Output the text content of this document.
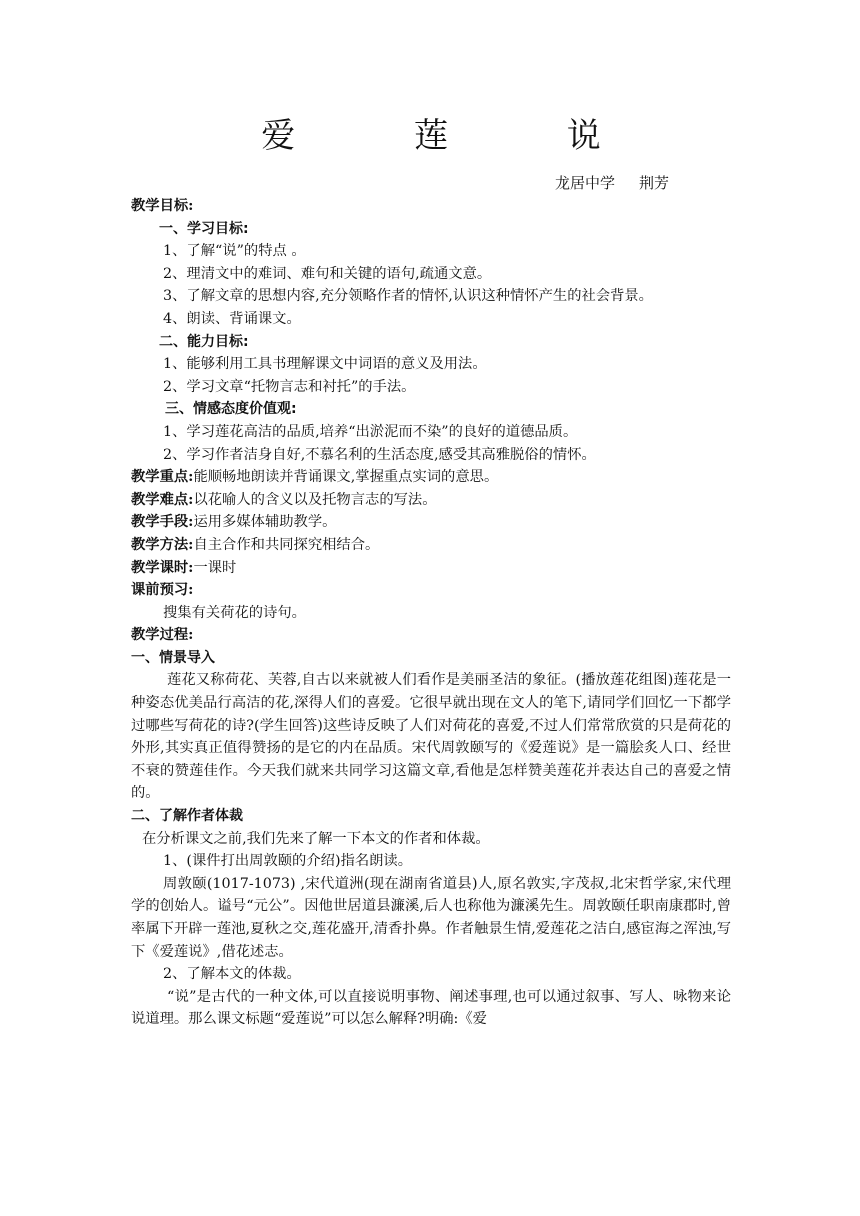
爱 莲 说
龙居中学 荆芳

教学目标:

一、学习目标:

1、了解“说”的特点 。

2、理清文中的难词、难句和关键的语句,疏通文意。

3、了解文章的思想内容,充分领略作者的情怀,认识这种情怀产生的社会背景。

4、朗读、背诵课文。

二、能力目标:

1、能够利用工具书理解课文中词语的意义及用法。

2、学习文章“托物言志和衬托”的手法。

三、情感态度价值观:

1、学习莲花高洁的品质,培养“出淤泥而不染”的良好的道德品质。

2、学习作者洁身自好,不慕名利的生活态度,感受其高雅脱俗的情怀。

教学重点:能顺畅地朗读并背诵课文,掌握重点实词的意思。

教学难点:以花喻人的含义以及托物言志的写法。

教学手段:运用多媒体辅助教学。

教学方法:自主合作和共同探究相结合。

教学课时:一课时

课前预习:

搜集有关荷花的诗句。

教学过程:

一、情景导入

莲花又称荷花、芙蓉,自古以来就被人们看作是美丽圣洁的象征。(播放莲花组图)莲花是一种姿态优美品行高洁的花,深得人们的喜爱。它很早就出现在文人的笔下,请同学们回忆一下都学过哪些写荷花的诗?(学生回答)这些诗反映了人们对荷花的喜爱,不过人们常常欣赏的只是荷花的外形,其实真正值得赞扬的是它的内在品质。宋代周敦颐写的《爱莲说》是一篇脍炙人口、经世不衰的赞莲佳作。今天我们就来共同学习这篇文章,看他是怎样赞美莲花并表达自己的喜爱之情的。

二、了解作者体裁

在分析课文之前,我们先来了解一下本文的作者和体裁。

1、(课件打出周敦颐的介绍)指名朗读。

周敦颐(1017-1073) ,宋代道洲(现在湖南省道县)人,原名敦实,字茂叔,北宋哲学家,宋代理学的创始人。谥号“元公”。因他世居道县濂溪,后人也称他为濂溪先生。周敦颐任职南康郡时,曾率属下开辟一莲池,夏秋之交,莲花盛开,清香扑鼻。作者触景生情,爱莲花之洁白,感宦海之浑浊,写下《爱莲说》,借花述志。

2、了解本文的体裁。

“说”是古代的一种文体,可以直接说明事物、阐述事理,也可以通过叙事、写人、咏物来论说道理。那么课文标题“爱莲说”可以怎么解释?明确:《爱
